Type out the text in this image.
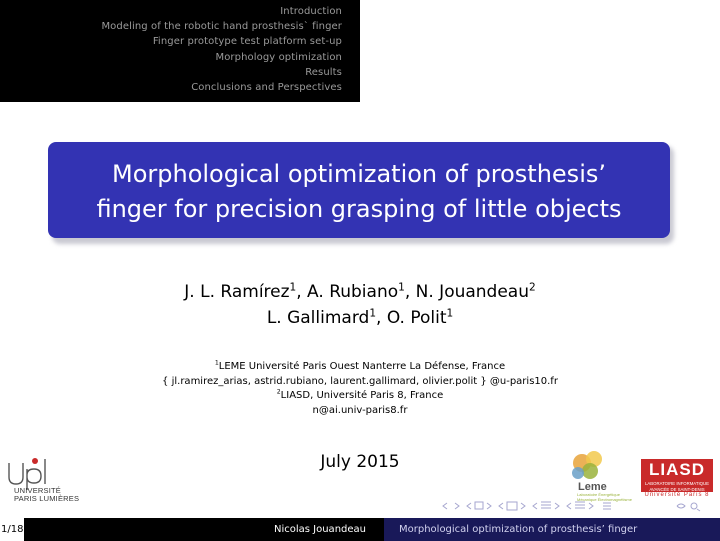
Introduction
Modeling of the robotic hand prosthesis` finger
Finger prototype test platform set-up
Morphology optimization
Results
Conclusions and Perspectives
Morphological optimization of prosthesis’
finger for precision grasping of little objects
J. L. Ramírez$^1$, A. Rubiano$^1$, N. Jouandeau$^2$
L. Gallimard$^1$, O. Polit$^1$
$^1$LEME Université Paris Ouest Nanterre La Défense, France
{ jl.ramirez_arias, astrid.rubiano, laurent.gallimard, olivier.polit } @u-paris10.fr
$^2$LIASD, Université Paris 8, France
n@ai.univ-paris8.fr
July 2015
UNIVERSITÉ
PARIS LUMIÈRES
Leme
Laboratoire Énergétique
Mécanique Électromagnétisme
LIASD
LABORATOIRE INFORMATIQUE
AVANCÉE DE SAINT-DENIS
Université Paris 8
1/18	Nicolas Jouandeau	Morphological optimization of prosthesis’ finger
